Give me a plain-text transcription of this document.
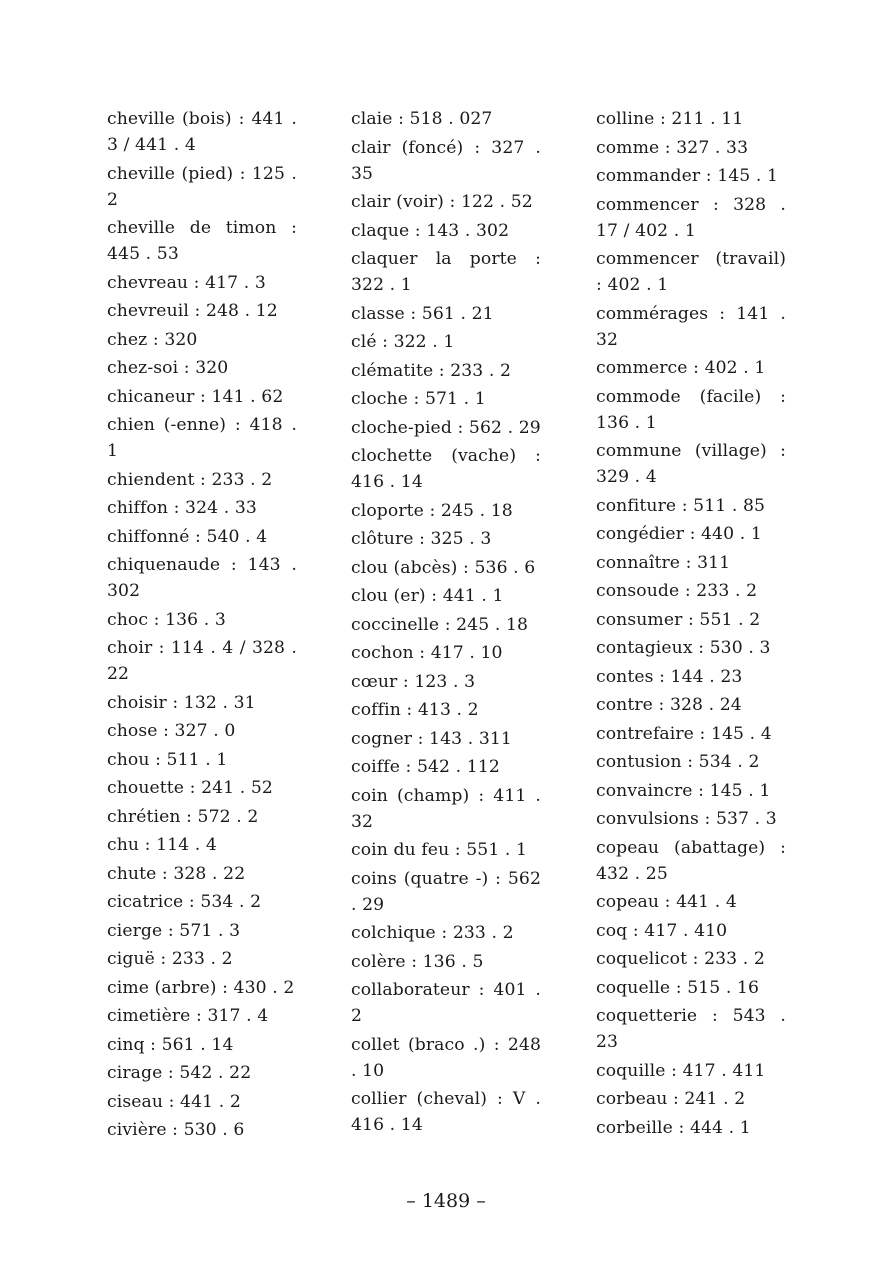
cheville (bois) : 441 . 3 / 441 . 4
cheville (pied) : 125 . 2
cheville de timon : 445 . 53
chevreau : 417 . 3
chevreuil : 248 . 12
chez : 320
chez-soi : 320
chicaneur : 141 . 62
chien (-enne) : 418 . 1
chiendent : 233 . 2
chiffon : 324 . 33
chiffonné : 540 . 4
chiquenaude : 143 . 302
choc : 136 . 3
choir : 114 . 4 / 328 . 22
choisir : 132 . 31
chose : 327 . 0
chou : 511 . 1
chouette : 241 . 52
chrétien : 572 . 2
chu : 114 . 4
chute : 328 . 22
cicatrice : 534 . 2
cierge : 571 . 3
ciguë : 233 . 2
cime (arbre) : 430 . 2
cimetière : 317 . 4
cinq : 561 . 14
cirage : 542 . 22
ciseau : 441 . 2
civière : 530 . 6
claie : 518 . 027
clair (foncé) : 327 . 35
clair (voir) : 122 . 52
claque : 143 . 302
claquer la porte : 322 . 1
classe : 561 . 21
clé : 322 . 1
clématite : 233 . 2
cloche : 571 . 1
cloche-pied : 562 . 29
clochette (vache) : 416 . 14
cloporte : 245 . 18
clôture : 325 . 3
clou (abcès) : 536 . 6
clou (er) : 441 . 1
coccinelle : 245 . 18
cochon : 417 . 10
cœur : 123 . 3
coffin : 413 . 2
cogner : 143 . 311
coiffe : 542 . 112
coin (champ) : 411 . 32
coin du feu : 551 . 1
coins (quatre -) : 562 . 29
colchique : 233 . 2
colère : 136 . 5
collaborateur : 401 . 2
collet (braco .) : 248 . 10
collier (cheval) : V . 416 . 14
colline : 211 . 11
comme : 327 . 33
commander : 145 . 1
commencer : 328 . 17 / 402 . 1
commencer (travail) : 402 . 1
commérages : 141 . 32
commerce : 402 . 1
commode (facile) : 136 . 1
commune (village) : 329 . 4
confiture : 511 . 85
congédier : 440 . 1
connaître : 311
consoude : 233 . 2
consumer : 551 . 2
contagieux : 530 . 3
contes : 144 . 23
contre : 328 . 24
contrefaire : 145 . 4
contusion : 534 . 2
convaincre : 145 . 1
convulsions : 537 . 3
copeau (abattage) : 432 . 25
copeau : 441 . 4
coq : 417 . 410
coquelicot : 233 . 2
coquelle : 515 . 16
coquetterie : 543 . 23
coquille : 417 . 411
corbeau : 241 . 2
corbeille : 444 . 1
– 1489 –
